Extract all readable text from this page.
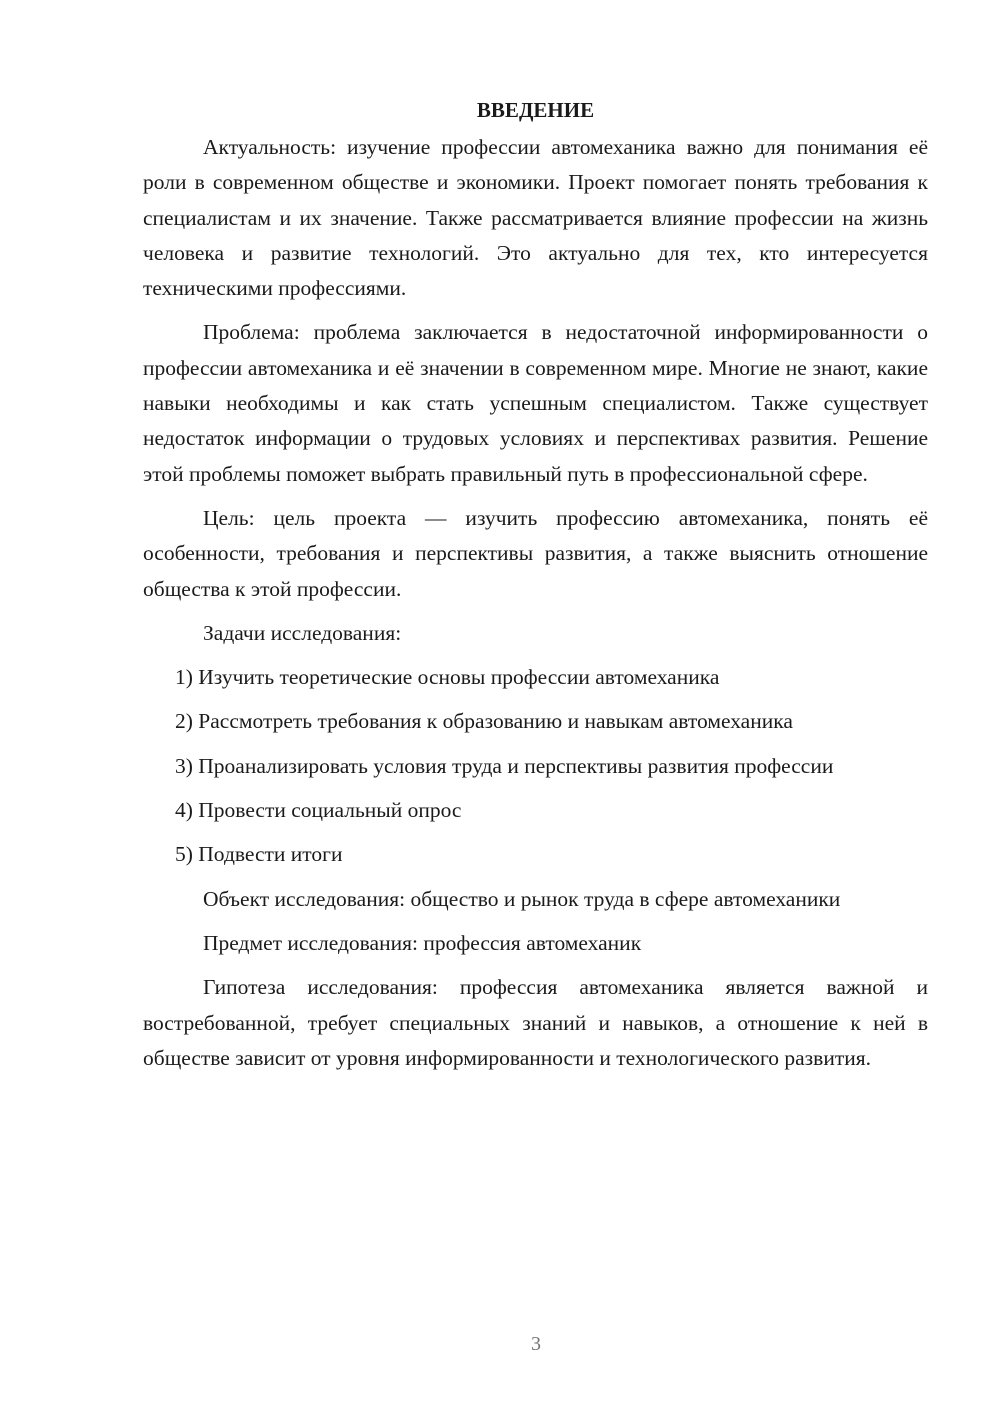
ВВЕДЕНИЕ

Актуальность: изучение профессии автомеханика важно для понимания её роли в современном обществе и экономики. Проект помогает понять требования к специалистам и их значение. Также рассматривается влияние профессии на жизнь человека и развитие технологий. Это актуально для тех, кто интересуется техническими профессиями.

Проблема: проблема заключается в недостаточной информированности о профессии автомеханика и её значении в современном мире. Многие не знают, какие навыки необходимы и как стать успешным специалистом. Также существует недостаток информации о трудовых условиях и перспективах развития. Решение этой проблемы поможет выбрать правильный путь в профессиональной сфере.

Цель: цель проекта — изучить профессию автомеханика, понять её особенности, требования и перспективы развития, а также выяснить отношение общества к этой профессии.

Задачи исследования:

1) Изучить теоретические основы профессии автомеханика

2) Рассмотреть требования к образованию и навыкам автомеханика

3) Проанализировать условия труда и перспективы развития профессии

4) Провести социальный опрос

5) Подвести итоги

Объект исследования: общество и рынок труда в сфере автомеханики

Предмет исследования: профессия автомеханик

Гипотеза исследования: профессия автомеханика является важной и востребованной, требует специальных знаний и навыков, а отношение к ней в обществе зависит от уровня информированности и технологического развития.

3
